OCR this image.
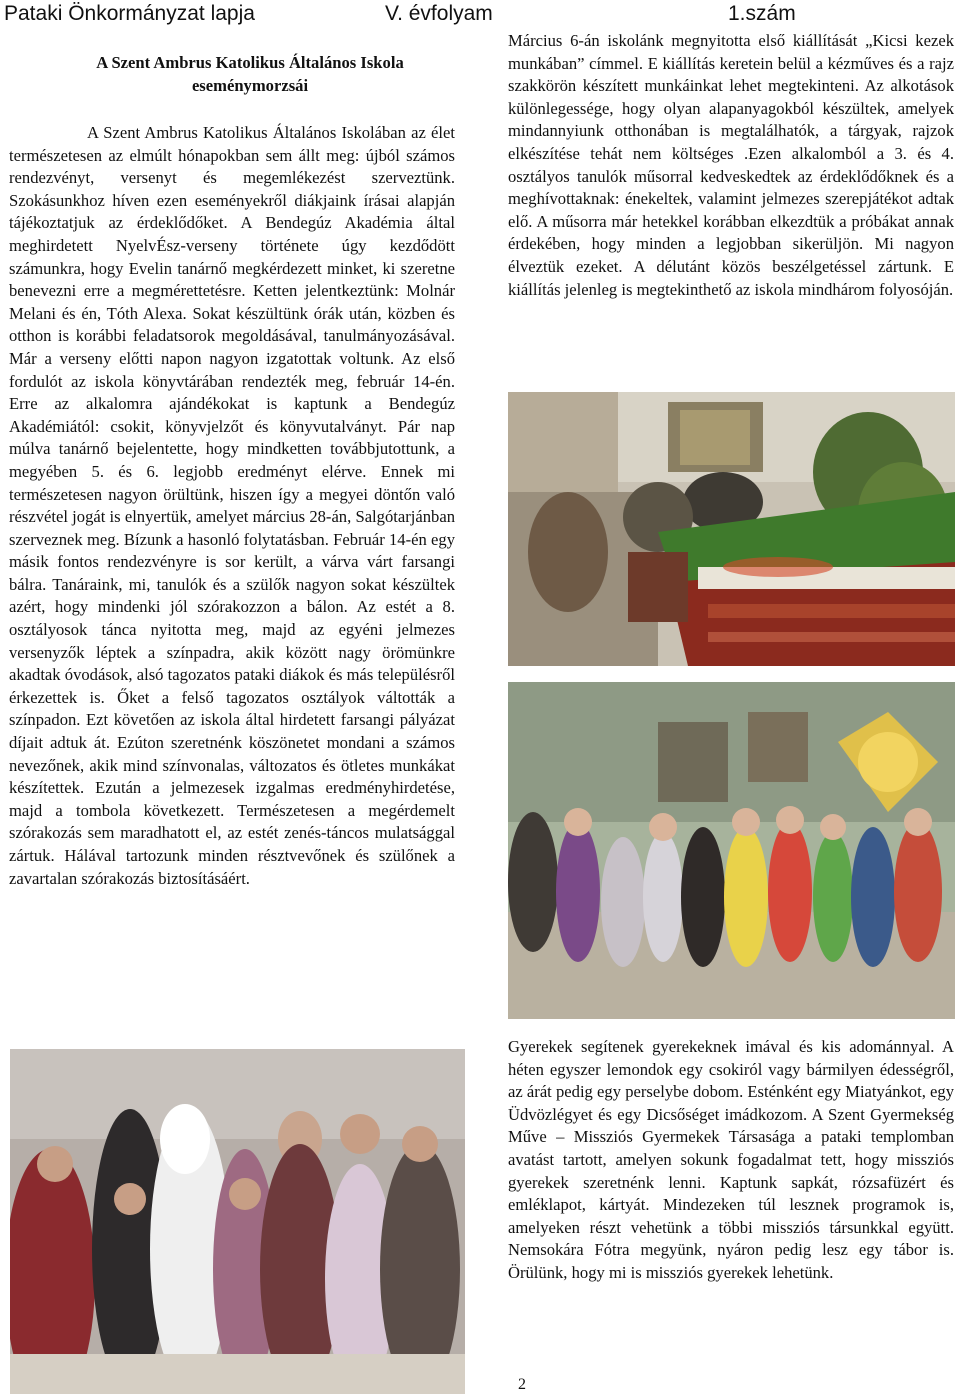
Pataki Önkormányzat lapja	V. évfolyam	1.szám
A Szent Ambrus Katolikus Általános Iskola
eseménymorzsái

A Szent Ambrus Katolikus Általános Iskolában az élet természetesen az elmúlt hónapokban sem állt meg: újból számos rendezvényt, versenyt és megemlékezést szerveztünk. Szokásunkhoz híven ezen eseményekről diákjaink írásai alapján tájékoztatjuk az érdeklődőket. A Bendegúz Akadémia által meghirdetett NyelvÉsz-verseny története úgy kezdődött számunkra, hogy Evelin tanárnő megkérdezett minket, ki szeretne benevezni erre a megmérettetésre. Ketten jelentkeztünk: Molnár Melani és én, Tóth Alexa. Sokat készültünk órák után, közben és otthon is korábbi feladatsorok megoldásával, tanulmányozásával. Már a verseny előtti napon nagyon izgatottak voltunk. Az első fordulót az iskola könyvtárában rendezték meg, február 14-én. Erre az alkalomra ajándékokat is kaptunk a Bendegúz Akadémiától: csokit, könyvjelzőt és könyvutalványt. Pár nap múlva tanárnő bejelentette, hogy mindketten továbbjutottunk, a megyében 5. és 6. legjobb eredményt elérve. Ennek mi természetesen nagyon örültünk, hiszen így a megyei döntőn való részvétel jogát is elnyertük, amelyet március 28-án, Salgótarjánban szerveznek meg. Bízunk a hasonló folytatásban. Február 14-én egy másik fontos rendezvényre is sor került, a várva várt farsangi bálra. Tanáraink, mi, tanulók és a szülők nagyon sokat készültek azért, hogy mindenki jól szórakozzon a bálon. Az estét a 8. osztályosok tánca nyitotta meg, majd az egyéni jelmezes versenyzők léptek a színpadra, akik között nagy örömünkre akadtak óvodások, alsó tagozatos pataki diákok és más településről érkezettek is. Őket a felső tagozatos osztályok váltották a színpadon. Ezt követően az iskola által hirdetett farsangi pályázat díjait adtuk át. Ezúton szeretnénk köszönetet mondani a számos nevezőnek, akik mind színvonalas, változatos és ötletes munkákat készítettek. Ezután a jelmezesek izgalmas eredményhirdetése, majd a tombola következett. Természetesen a megérdemelt szórakozás sem maradhatott el, az estét zenés-táncos mulatsággal zártuk. Hálával tartozunk minden résztvevőnek és szülőnek a zavartalan szórakozás biztosításáért.

Március 6-án iskolánk megnyitotta első kiállítását „Kicsi kezek munkában” címmel. E kiállítás keretein belül a kézműves és a rajz szakkörön készített munkáinkat lehet megtekinteni. Az alkotások különlegessége, hogy olyan alapanyagokból készültek, amelyek mindannyiunk otthonában is megtalálhatók, a tárgyak, rajzok elkészítése tehát nem költséges .Ezen alkalomból a 3. és 4. osztályos tanulók műsorral kedveskedtek az érdeklődőknek és a meghívottaknak: énekeltek, valamint jelmezes szerepjátékot adtak elő. A műsorra már hetekkel korábban elkezdtük a próbákat annak érdekében, hogy minden a legjobban sikerüljön. Mi nagyon élveztük ezeket. A délutánt közös beszélgetéssel zártunk. E kiállítás jelenleg is megtekinthető az iskola mindhárom folyosóján.

Gyerekek segítenek gyerekeknek imával és kis adománnyal. A héten egyszer lemondok egy csokiról vagy bármilyen édességről, az árát pedig egy perselybe dobom. Esténként egy Miatyánkot, egy Üdvözlégyet és egy Dicsőséget imádkozom. A Szent Gyermekség Műve – Missziós Gyermekek Társasága a pataki templomban avatást tartott, amelyen sokunk fogadalmat tett, hogy missziós gyerekek szeretnénk lenni. Kaptunk sapkát, rózsafüzért és emléklapot, kártyát. Mindezeken túl lesznek programok is, amelyeken részt vehetünk a többi missziós társunkkal együtt. Nemsokára Fótra megyünk, nyáron pedig lesz egy tábor is. Örülünk, hogy mi is missziós gyerekek lehetünk.

2
